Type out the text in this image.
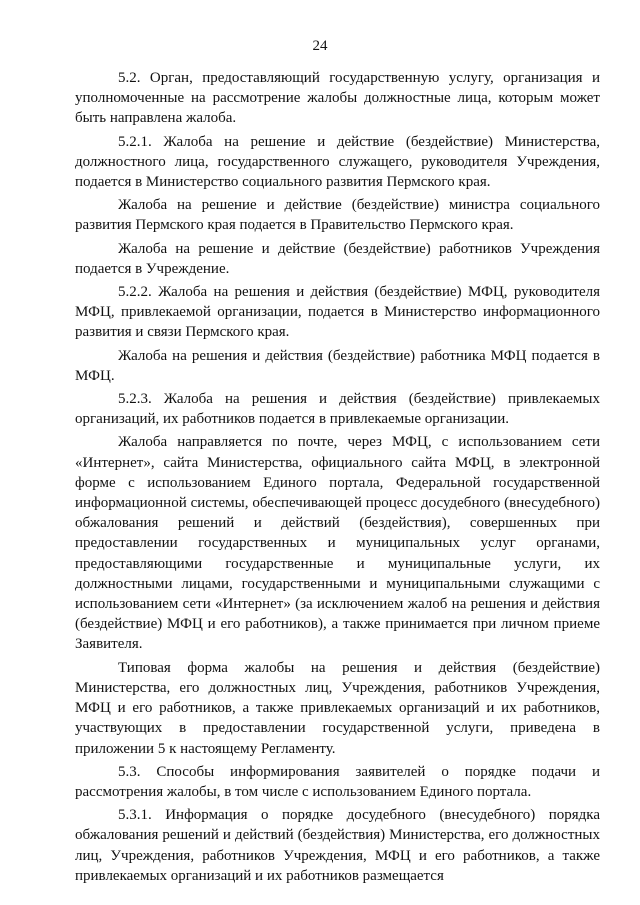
24

5.2. Орган, предоставляющий государственную услугу, организация и уполномоченные на рассмотрение жалобы должностные лица, которым может быть направлена жалоба.

5.2.1. Жалоба на решение и действие (бездействие) Министерства, должностного лица, государственного служащего, руководителя Учреждения, подается в Министерство социального развития Пермского края.

Жалоба на решение и действие (бездействие) министра социального развития Пермского края подается в Правительство Пермского края.

Жалоба на решение и действие (бездействие) работников Учреждения подается в Учреждение.

5.2.2. Жалоба на решения и действия (бездействие) МФЦ, руководителя МФЦ, привлекаемой организации, подается в Министерство информационного развития и связи Пермского края.

Жалоба на решения и действия (бездействие) работника МФЦ подается в МФЦ.

5.2.3. Жалоба на решения и действия (бездействие) привлекаемых организаций, их работников подается в привлекаемые организации.

Жалоба направляется по почте, через МФЦ, с использованием сети «Интернет», сайта Министерства, официального сайта МФЦ, в электронной форме с использованием Единого портала, Федеральной государственной информационной системы, обеспечивающей процесс досудебного (внесудебного) обжалования решений и действий (бездействия), совершенных при предоставлении государственных и муниципальных услуг органами, предоставляющими государственные и муниципальные услуги, их должностными лицами, государственными и муниципальными служащими с использованием сети «Интернет» (за исключением жалоб на решения и действия (бездействие) МФЦ и его работников), а также принимается при личном приеме Заявителя.

Типовая форма жалобы на решения и действия (бездействие) Министерства, его должностных лиц, Учреждения, работников Учреждения, МФЦ и его работников, а также привлекаемых организаций и их работников, участвующих в предоставлении государственной услуги, приведена в приложении 5 к настоящему Регламенту.

5.3. Способы информирования заявителей о порядке подачи и рассмотрения жалобы, в том числе с использованием Единого портала.

5.3.1. Информация о порядке досудебного (внесудебного) порядка обжалования решений и действий (бездействия) Министерства, его должностных лиц, Учреждения, работников Учреждения, МФЦ и его работников, а также привлекаемых организаций и их работников размещается
